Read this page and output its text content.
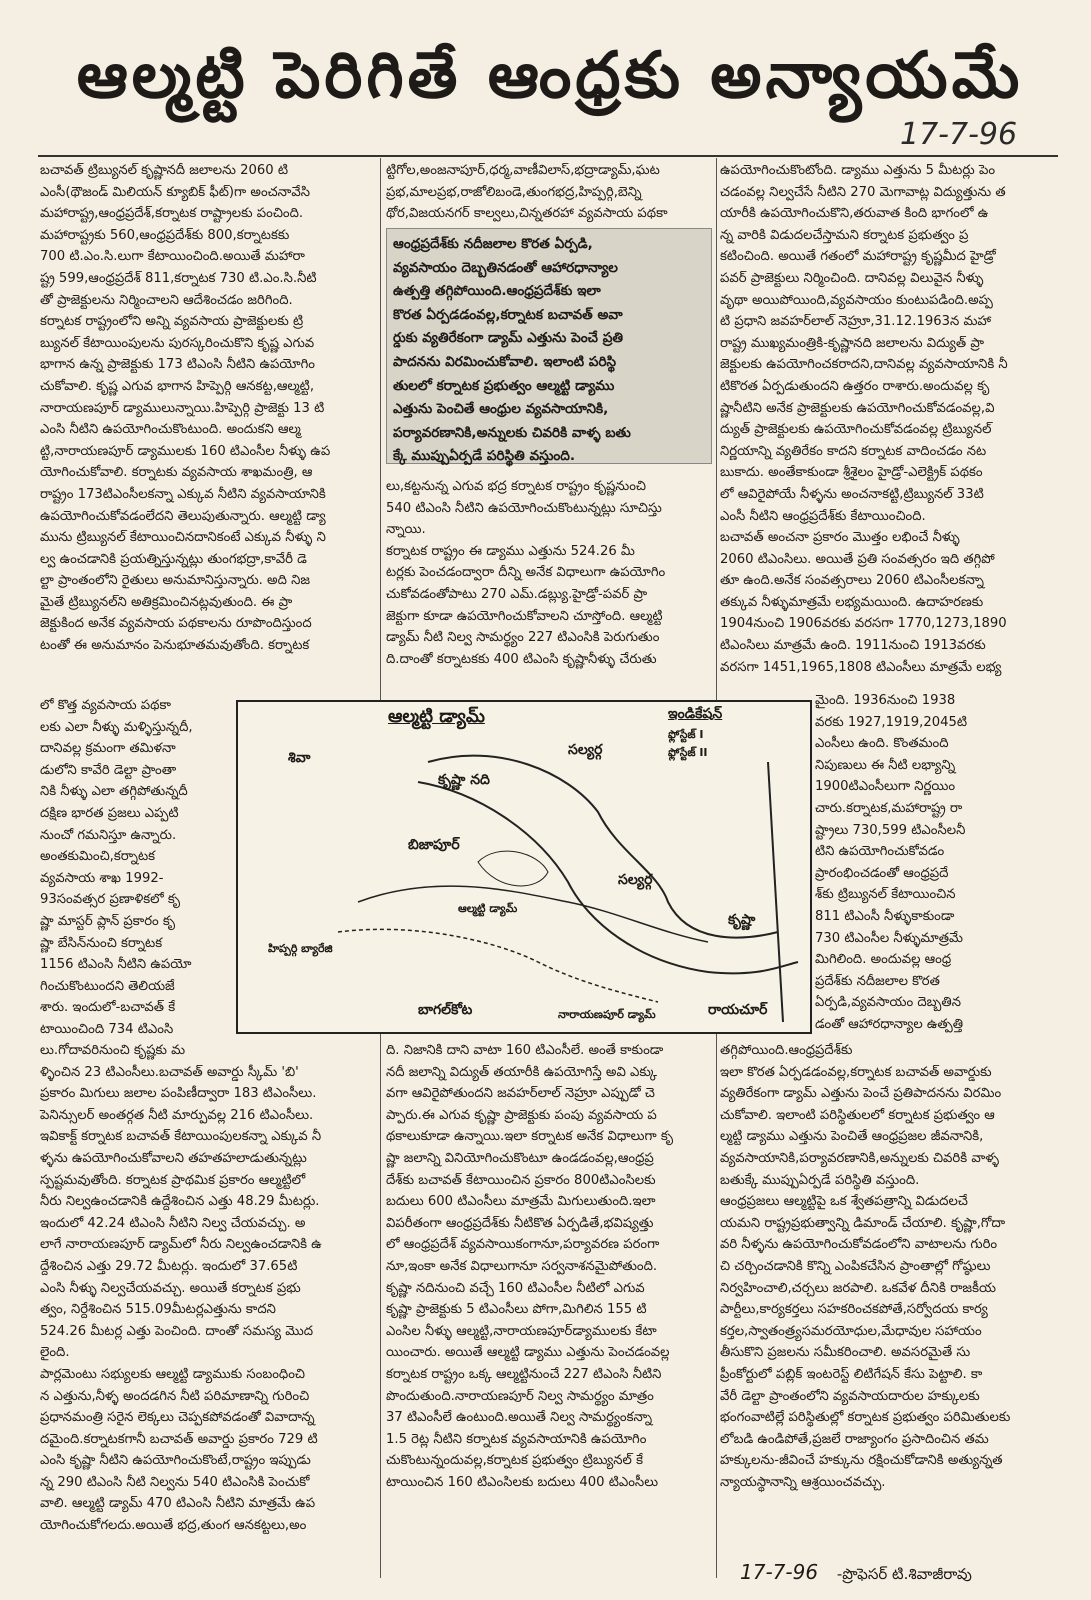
ఆల్మట్టి పెరిగితే ఆంధ్రకు అన్యాయమే
17-7-96
బచావత్ ట్రిబ్యునల్ కృష్ణానదీ జలాలను 2060 టి
ఎంసీ(థౌజండ్ మిలియన్ క్యూబిక్ ఫీట్)గా అంచనావేసి
మహారాష్ట్ర,ఆంధ్రప్రదేశ్,కర్నాటక రాష్ట్రాలకు పంచింది.
మహారాష్ట్రకు 560,ఆంధ్రప్రదేశ్‌కు 800,కర్నాటకకు
700 టి.ఎం.సి.లుగా కేటాయించింది.అయితే మహారా
ష్ట్ర 599,ఆంధ్రప్రదేశ్ 811,కర్నాటక 730 టి.ఎం.సి.నీటి
తో ప్రాజెక్టులను నిర్మించాలని ఆదేశించడం జరిగింది.
కర్నాటక రాష్ట్రంలోని అన్ని వ్యవసాయ ప్రాజెక్టులకు ట్రి
బ్యునల్ కేటాయింపులను పురస్కరించుకొని కృష్ణ ఎగువ
భాగాన ఉన్న ప్రాజెక్టుకు 173 టిఎంసి నీటిని ఉపయోగిం
చుకోవాలి. కృష్ణ ఎగువ భాగాన హిప్పెర్గి ఆనకట్ట,ఆల్మట్టి,
నారాయణపూర్ డ్యాములున్నాయి.హిప్పెర్గి ప్రాజెక్టు 13 టి
ఎంసి నీటిని ఉపయోగించుకొంటుంది. అందుకని ఆల్మ
ట్టి,నారాయణపూర్ డ్యాములకు 160 టిఎంసీల నీళ్ళు ఉప
యోగించుకోవాలి. కర్నాటకు వ్యవసాయ శాఖమంత్రి, ఆ
రాష్ట్రం 173టిఎంసీలకన్నా ఎక్కువ నీటిని వ్యవసాయానికి
ఉపయోగించుకోవడంలేదని తెలుపుతున్నారు. ఆల్మట్టి డ్యా
మును ట్రిబ్యునల్ కేటాయించినదానికంటే ఎక్కువ నీళ్ళు ని
ల్వ ఉంచడానికి ప్రయత్నిస్తున్నట్లు తుంగభద్రా,కావేరీ డె
ల్టా ప్రాంతంలోని రైతులు అనుమానిస్తున్నారు. అది నిజ
మైతే ట్రిబ్యునల్‌ని అతిక్రమించినట్లవుతుంది. ఈ ప్రా
జెక్టుకింద అనేక వ్యవసాయ పథకాలను రూపొందిస్తుంద
టంతో ఈ అనుమానం పెనుభూతమవుతోంది. కర్నాటక
లో కొత్త వ్యవసాయ పథకా
లకు ఎలా నీళ్ళు మళ్ళిస్తున్నదీ,
దానివల్ల క్రమంగా తమిళనా
డులోని కావేరి డెల్టా ప్రాంతా
నికి నీళ్ళు ఎలా తగ్గిపోతున్నదీ
దక్షిణ భారత ప్రజలు ఎప్పటి
నుంచో గమనిస్తూ ఉన్నారు.
అంతకుమించి,కర్నాటక
వ్యవసాయ శాఖ 1992-
93సంవత్సర ప్రణాళికలో కృ
ష్ణా మాస్టర్ ప్లాన్ ప్రకారం కృ
ష్ణా బేసిన్‌నుంచి కర్నాటక
1156 టిఎంసి నీటిని ఉపయో
గించుకొంటుందని తెలియజే
శారు. ఇందులో-బచావత్ కే
టాయించింది 734 టిఎంసి
లు.గోదావరినుంచి కృష్ణకు మ
ళ్ళించిన 23 టిఎంసీలు.బచావత్ అవార్డు స్కీమ్ 'బి'
ప్రకారం మిగులు జలాల పంపిణీద్వారా 183 టిఎంసీలు.
పెనిన్సులర్ అంతర్గత నీటి మార్పువల్ల 216 టిఎంసీలు.
ఇవికాక్ట్ కర్నాటక బచావత్ కేటాయింపులకన్నా ఎక్కువ నీ
ళ్ళను ఉపయోగించుకోవాలని తహతహలాడుతున్నట్లు
స్పష్టమవుతోంది. కర్నాటక ప్రాథమిక ప్రకారం ఆల్మట్టిలో
నీరు నిల్వఉంచడానికి ఉద్దేశించిన ఎత్తు 48.29 మీటర్లు.
ఇందులో 42.24 టిఎంసి నీటిని నిల్వ చేయవచ్చు. అ
లాగే నారాయణపూర్ డ్యామ్‌లో నీరు నిల్వఉంచడానికి ఉ
ద్దేశించిన ఎత్తు 29.72 మీటర్లు. ఇందులో 37.65టి
ఎంసి నీళ్ళు నిల్వచేయవచ్చు. అయితే కర్నాటక ప్రభు
త్వం, నిర్దేశించిన 515.09మీటర్లఎత్తును కాదని
524.26 మీటర్ల ఎత్తు పెంచింది. దాంతో సమస్య మొద
లైంది.
పార్లమెంటు సభ్యులకు ఆల్మట్టి డ్యాముకు సంబంధించి
న ఎత్తును,నీళ్ళ అందడగిన నీటి పరిమాణాన్ని గురించి
ప్రధానమంత్రి సరైన లెక్కలు చెప్పకపోవడంతో వివాదాన్న
దమైంది.కర్నాటకగానీ బచావత్ అవార్డు ప్రకారం 729 టి
ఎంసి కృష్ణా నీటిని ఉపయోగించుకొంటే,రాష్ట్రం ఇప్పుడు
న్న 290 టిఎంసి నీటి నిల్వను 540 టిఎంసికి పెంచుకో
వాలి. ఆల్మట్టి డ్యామ్ 470 టిఎంసి నీటిని మాత్రమే ఉప
యోగించుకోగలదు.అయితే భద్ర,తుంగ ఆనకట్టలు,అం
ట్టిగోల,అంజనాపూర్,ధర్మ,వాణీవిలాస్,భద్రాడ్యామ్,ఘట
ప్రభ,మాలప్రభ,రాజోలిబండె,తుంగభద్ర,హిప్పర్గి,బెన్ని
థోర,విజయనగర్ కాల్వలు,చిన్నతరహా వ్యవసాయ పథకా
ఆంధ్రప్రదేశ్‌కు నదీజలాల కొరత ఏర్పడి,
వ్యవసాయం దెబ్బతినడంతో ఆహారధాన్యాల
ఉత్పత్తి తగ్గిపోయింది.ఆంధ్రప్రదేశ్‌కు ఇలా
కొరత ఏర్పడడంవల్ల,కర్నాటక బచావత్ అవా
ర్డుకు వ్యతిరేకంగా డ్యామ్ ఎత్తును పెంచే ప్రతి
పాదనను విరమించుకోవాలి. ఇలాంటి పరిస్థి
తులలో కర్నాటక ప్రభుత్వం ఆల్మట్టి డ్యాము
ఎత్తును పెంచితే ఆంధ్రుల వ్యవసాయానికి,
పర్యావరణానికి,అన్నులకు చివరికి వాళ్ళ బతు
క్కే ముప్పుఏర్పడే పరిస్థితి వస్తుంది.
లు,కట్టనున్న ఎగువ భద్ర కర్నాటక రాష్ట్రం కృష్ణనుంచి
540 టిఎంసి నీటిని ఉపయోగించుకొంటున్నట్లు సూచిస్తు
న్నాయి.
కర్నాటక రాష్ట్రం ఈ డ్యాము ఎత్తును 524.26 మీ
టర్లకు పెంచడంద్వారా దీన్ని అనేక విధాలుగా ఉపయోగిం
చుకోవడంతోపాటు 270 ఎమ్.డబ్ల్యు.హైడ్రో-పవర్ ప్రా
జెక్టుగా కూడా ఉపయోగించుకోవాలని చూస్తోంది. ఆల్మట్టి
డ్యామ్ నీటి నిల్వ సామర్థ్యం 227 టిఎంసికి పెరుగుతుం
ది.దాంతో కర్నాటకకు 400 టిఎంసి కృష్ణానీళ్ళు చేరుతు
ది. నిజానికి దాని వాటా 160 టిఎంసీలే. అంతే కాకుండా
నదీ జలాన్ని విద్యుత్ తయారీకి ఉపయోగిస్తే అవి ఎక్కు
వగా ఆవిరైపోతుందని జవహర్‌లాల్ నెహ్రూ ఎప్పుడో చె
ప్పారు.ఈ ఎగువ కృష్ణా ప్రాజెక్టుకు పంపు వ్యవసాయ ప
థకాలుకూడా ఉన్నాయి.ఇలా కర్నాటక అనేక విధాలుగా కృ
ష్ణా జలాన్ని వినియోగించుకొంటూ ఉండడంవల్ల,ఆంధ్రప్ర
దేశ్‌కు బచావత్ కేటాయించిన ప్రకారం 800టిఎంసిలకు
బదులు 600 టిఎంసీలు మాత్రమే మిగులుతుంది.ఇలా
విపరీతంగా ఆంధ్రప్రదేశ్‌కు నీటికొత ఏర్పడితే,భవిష్యత్తు
లో ఆంధ్రప్రదేశ్ వ్యవసాయికంగానూ,పర్యావరణ పరంగా
నూ,ఇంకా అనేక విధాలుగానూ సర్వనాశనమైపోతుంది.
కృష్ణా నదినుంచి వచ్చే 160 టిఎంసీల నీటిలో ఎగువ
కృష్ణా ప్రాజెక్టుకు 5 టిఎంసీలు పోగా,మిగిలిన 155 టి
ఎంసిల నీళ్ళు ఆల్మట్టి,నారాయణపూర్‌డ్యాములకు కేటా
యించారు. అయితే ఆల్మట్టి డ్యాము ఎత్తును పెంచడంవల్ల
కర్నాటక రాష్ట్రం ఒక్క ఆల్మట్టినుంచే 227 టిఎంసి నీటిని
పొందుతుంది.నారాయణపూర్ నిల్వ సామర్థ్యం మాత్రం
37 టిఎంసీలే ఉంటుంది.అయితే నిల్వ సామర్థ్యంకన్నా
1.5 రెట్ల నీటిని కర్నాటక వ్యవసాయానికి ఉపయోగిం
చుకొంటున్నందువల్ల,కర్నాటక ప్రభుత్వం ట్రిబ్యునల్ కే
టాయించిన 160 టిఎంసిలకు బదులు 400 టిఎంసీలు
ఉపయోగించుకొంటోంది. డ్యాము ఎత్తును 5 మీటర్లు పెం
చడంవల్ల నిల్వచేసే నీటిని 270 మెగావాట్ల విద్యుత్తును త
యారీకి ఉపయోగించుకొని,తరువాత కింది భాగంలో ఉ
న్న వారికి విడుదలచేస్తామని కర్నాటక ప్రభుత్వం ప్ర
కటించింది. అయితే గతంలో మహారాష్ట్ర కృష్ణమీద హైడ్రో
పవర్ ప్రాజెక్టులు నిర్మించింది. దానివల్ల విలువైన నీళ్ళు
వృథా అయిపోయింది,వ్యవసాయం కుంటుపడింది.అప్ప
టి ప్రధాని జవహర్‌లాల్ నెహ్రూ,31.12.1963న మహా
రాష్ట్ర ముఖ్యమంత్రికి-కృష్ణానది జలాలను విద్యుత్ ప్రా
జెక్టులకు ఉపయోగించకరాదని,దానివల్ల వ్యవసాయానికి నీ
టికొరత ఏర్పడుతుందని ఉత్తరం రాశారు.అందువల్ల కృ
ష్ణానీటిని అనేక ప్రాజెక్టులకు ఉపయోగించుకోవడంవల్ల,వి
ద్యుత్ ప్రాజెక్టులకు ఉపయోగించుకోవడంవల్ల ట్రిబ్యునల్
నిర్ణయాన్ని వ్యతిరేకం కాదని కర్నాటక వాదించడం నట
బుకాదు. అంతేకాకుండా శ్రీశైలం హైడ్రో-ఎలెక్ట్రిక్ పథకం
లో ఆవిరైపోయే నీళ్ళను అంచనాకట్టి,ట్రిబ్యునల్ 33టి
ఎంసీ నీటిని ఆంధ్రప్రదేశ్‌కు కేటాయించింది.
బచావత్ అంచనా ప్రకారం మొత్తం లభించే నీళ్ళు
2060 టిఎంసిలు. అయితే ప్రతి సంవత్సరం ఇది తగ్గిపో
తూ ఉంది.అనేక సంవత్సరాలు 2060 టిఎంసీలకన్నా
తక్కువ నీళ్ళుమాత్రమే లభ్యమయింది. ఉదాహరణకు
1904నుంచి 1906వరకు వరసగా 1770,1273,1890
టిఎంసిలు మాత్రమే ఉంది. 1911నుంచి 1913వరకు
వరసగా 1451,1965,1808 టిఎంసీలు మాత్రమే లభ్య
మైంది. 1936నుంచి 1938
వరకు 1927,1919,2045టి
ఎంసీలు ఉంది. కొంతమంది
నిపుణులు ఈ నీటి లభ్యాన్ని
1900టిఎంసీలుగా నిర్ణయిం
చారు.కర్నాటక,మహారాష్ట్ర రా
ష్ట్రాలు 730,599 టిఎంసీలనీ
టిని ఉపయోగించుకోవడం
ప్రారంభించడంతో ఆంధ్రప్రదే
శ్‌కు ట్రిబ్యునల్ కేటాయించిన
811 టిఎంసీ నీళ్ళుకాకుండా
730 టిఎంసీల నీళ్ళుమాత్రమే
మిగిలింది. అందువల్ల ఆంధ్ర
ప్రదేశ్‌కు నదీజలాల కొరత
ఏర్పడి,వ్యవసాయం దెబ్బతిన
డంతో ఆహారధాన్యాల ఉత్పత్తి
తగ్గిపోయింది.ఆంధ్రప్రదేశ్‌కు
ఇలా కొరత ఏర్పడడంవల్ల,కర్నాటక బచావత్ అవార్డుకు
వ్యతిరేకంగా డ్యామ్ ఎత్తును పెంచే ప్రతిపాదనను విరమిం
చుకోవాలి. ఇలాంటి పరిస్థితులలో కర్నాటక ప్రభుత్వం ఆ
ల్మట్టి డ్యాము ఎత్తును పెంచితే ఆంధ్రప్రజల జీవనానికి,
వ్యవసాయానికి,పర్యావరణానికి,అన్నులకు చివరికి వాళ్ళ
బతుక్కే ముప్పుఏర్పడే పరిస్థితి వస్తుంది.
ఆంధ్రప్రజలు ఆల్మట్టిపై ఒక శ్వేతపత్రాన్ని విడుదలచే
యమని రాష్ట్రప్రభుత్వాన్ని డిమాండ్ చేయాలి. కృష్ణా,గోదా
వరి నీళ్ళను ఉపయోగించుకోవడంలోని వాటాలను గురిం
చి చర్చించడానికి కొన్ని ఎంపికచేసిన ప్రాంతాల్లో గోష్ఠులు
నిర్వహించాలి,చర్చలు జరపాలి. ఒకవేళ దీనికి రాజకీయ
పార్టీలు,కార్యకర్తలు సహకరించకపోతే,సర్వోదయ కార్య
కర్తల,స్వాతంత్ర్యసమరయోధుల,మేధావుల సహాయం
తీసుకొని ప్రజలను సమీకరించాలి. అవసరమైతే సు
ప్రీంకోర్టులో పబ్లిక్ ఇంటరెస్ట్ లిటిగేషన్ కేసు పెట్టాలి. కా
వేరీ డెల్టా ప్రాంతంలోని వ్యవసాయదారుల హక్కులకు
భంగంవాటిల్లే పరిస్థితుల్లో కర్నాటక ప్రభుత్వం పరిమితులకు
లోబడి ఉండిపోతే,ప్రజలే రాజ్యాంగం ప్రసాదించిన తమ
హక్కులను-జీవించే హక్కును రక్షించుకోడానికి అత్యున్నత
న్యాయస్థానాన్ని ఆశ్రయించవచ్చు.
ఆల్మట్టి డ్యామ్	ఇండికేషన్
ఫ్లోస్టేజ్ I
ఫ్లోస్టేజ్ II
శివా
కృష్ణా నది
సల్యర్గ
బిజాపూర్
ఆల్మట్టి డ్యామ్
సల్యర్గ
హిప్పర్గి బ్యారేజి
బాగల్‌కోట	నారాయణపూర్ డ్యామ్	రాయచూర్
కృష్ణా
17-7-96 -ప్రొఫెసర్ టి.శివాజీరావు
